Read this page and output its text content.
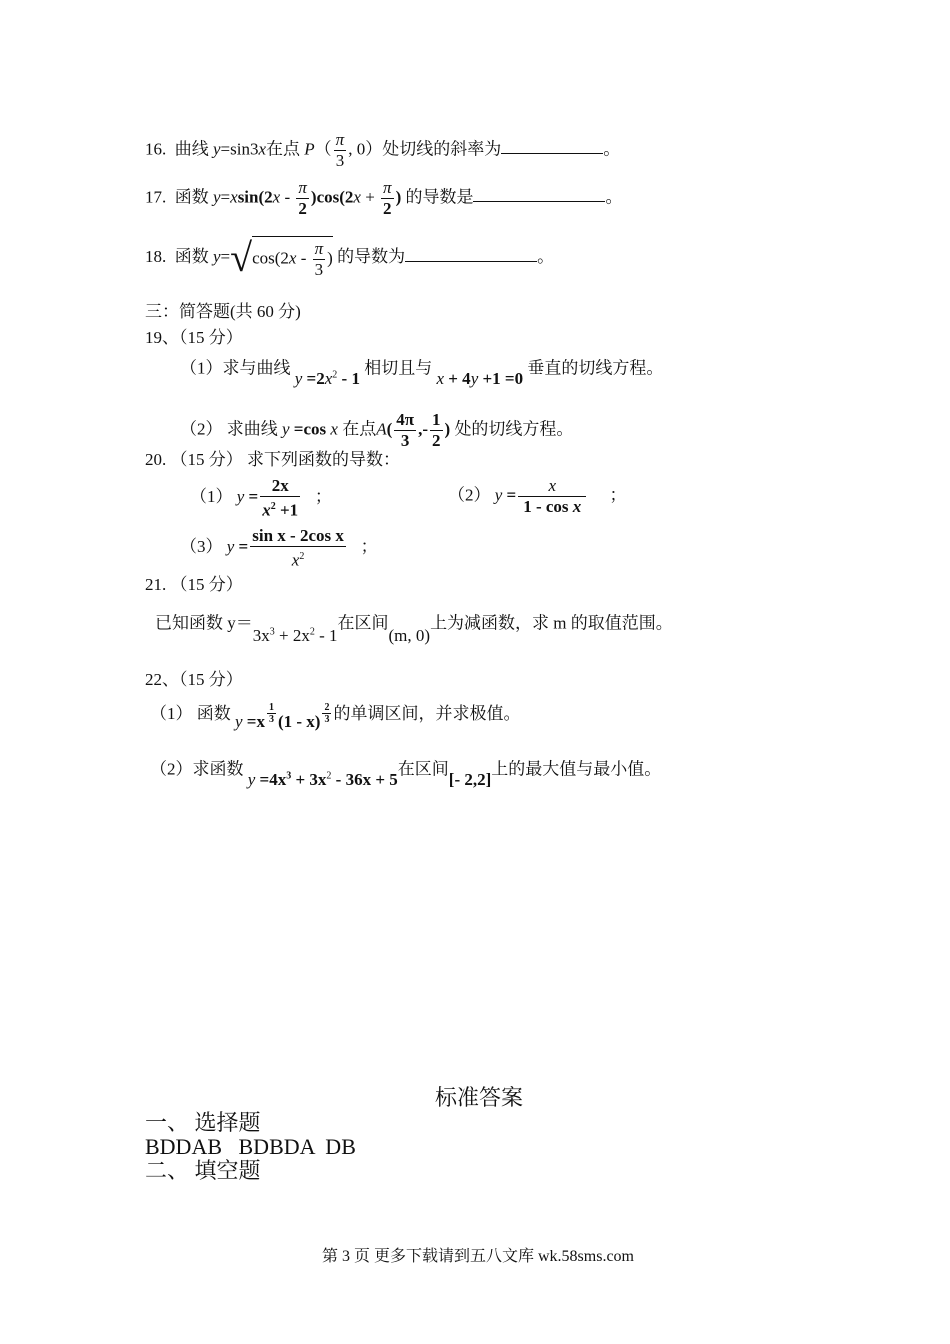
16. 曲线 y=sin3x在点 $P( \frac{\pi}{3}$ , 0）处切线的斜率为	。
17. 函数 $y=xsin(2x - \frac{\pi}{2} )\cos(2x + \frac{\pi}{2}$ ) 的导数是	。
18. 函数 $y=√\cos(2x - \frac{\pi}{3}$ ) 的导数为	。
三：简答题(共 60 分)
19、（15 分）
（1）求与曲线 $y =2x^2 - 1$ 相切且与 x + 4y +1 =0 垂直的切线方程。
（2） 求曲线 y =cos x 在点$A( \frac{4\pi}{3}$ ,- $\frac{1}{2}$ ) 处的切线方程。
20. （15 分） 求下列函数的导数：
（1） $y = \frac{2x}{x^2 +1}$ ；	（2） $y = \frac{x}{\text{1 - cos x}}$ ；
（3） $y = \frac{\text{sin x - 2cos x}}{x^2}$ ；
21. （15 分）
已知函数 $y=3x^3 + 2x^2 - 1$在区间(m, 0)上为减函数，求 m 的取值范围。
22、（15 分）
（1） 函数 $y =x \frac{1}{3} (1 - x) \frac{2}{3}$ 的单调区间，并求极值。
（2）求函数 $y =4x^3 + 3x^2 - 36x + 5$在区间[- 2,2]上的最大值与最小值。
标准答案
一、 选择题
BDDAB   BDBDA  DB
二、 填空题
第 3 页 更多下载请到五八文库 wk.58sms.com
